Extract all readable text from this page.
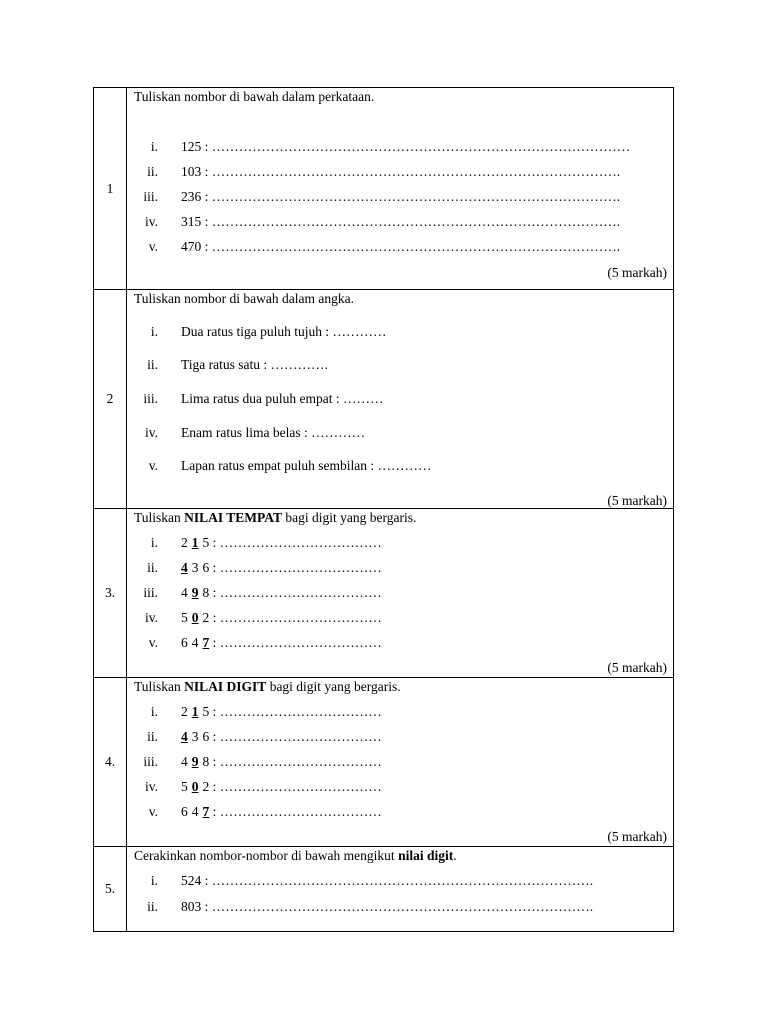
1
Tuliskan nombor di bawah dalam perkataan.
i. 125 : …………………………………………………………………………………
ii. 103 : ……………………………………………………………………………….
iii. 236 : ……………………………………………………………………………….
iv. 315 : ……………………………………………………………………………….
v. 470 : ……………………………………………………………………………….
(5 markah)
2
Tuliskan nombor di bawah dalam angka.
i. Dua ratus tiga puluh tujuh : …………
ii. Tiga ratus satu : ………….
iii. Lima ratus dua puluh empat : ………
iv. Enam ratus lima belas : …………
v. Lapan ratus empat puluh sembilan : …………
(5 markah)
3.
Tuliskan NILAI TEMPAT bagi digit yang bergaris.
i. 2 1 5 : ………………………………
ii. 4 3 6 : ………………………………
iii. 4 9 8 : ………………………………
iv. 5 0 2 : ………………………………
v. 6 4 7 : ………………………………
(5 markah)
4.
Tuliskan NILAI DIGIT bagi digit yang bergaris.
i. 2 1 5 : ………………………………
ii. 4 3 6 : ………………………………
iii. 4 9 8 : ………………………………
iv. 5 0 2 : ………………………………
v. 6 4 7 : ………………………………
(5 markah)
5.
Cerakinkan nombor-nombor di bawah mengikut nilai digit.
i. 524 : ………………………………………………………………………….
ii. 803 : ………………………………………………………………………….
